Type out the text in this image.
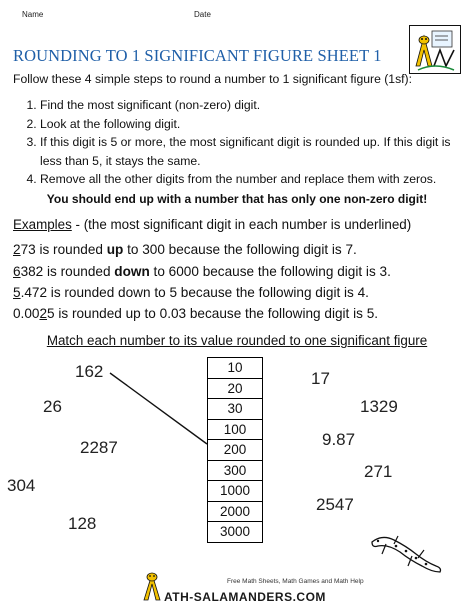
Name	Date
ROUNDING TO 1 SIGNIFICANT FIGURE SHEET 1
Follow these 4 simple steps to round a number to 1 significant figure (1sf):
1. Find the most significant (non-zero) digit.
2. Look at the following digit.
3. If this digit is 5 or more, the most significant digit is rounded up. If this digit is less than 5, it stays the same.
4. Remove all the other digits from the number and replace them with zeros.
You should end up with a number that has only one non-zero digit!
Examples - (the most significant digit in each number is underlined)
273 is rounded up to 300 because the following digit is 7.
6382 is rounded down to 6000 because the following digit is 3.
5.472 is rounded down to 5 because the following digit is 4.
0.0025 is rounded up to 0.03 because the following digit is 5.
Match each number to its value rounded to one significant figure
162
26
2287
304
128
10
20
30
100
200
300
1000
2000
3000
17
1329
9.87
271
2547
Free Math Sheets, Math Games and Math Help
ATH-SALAMANDERS.COM
